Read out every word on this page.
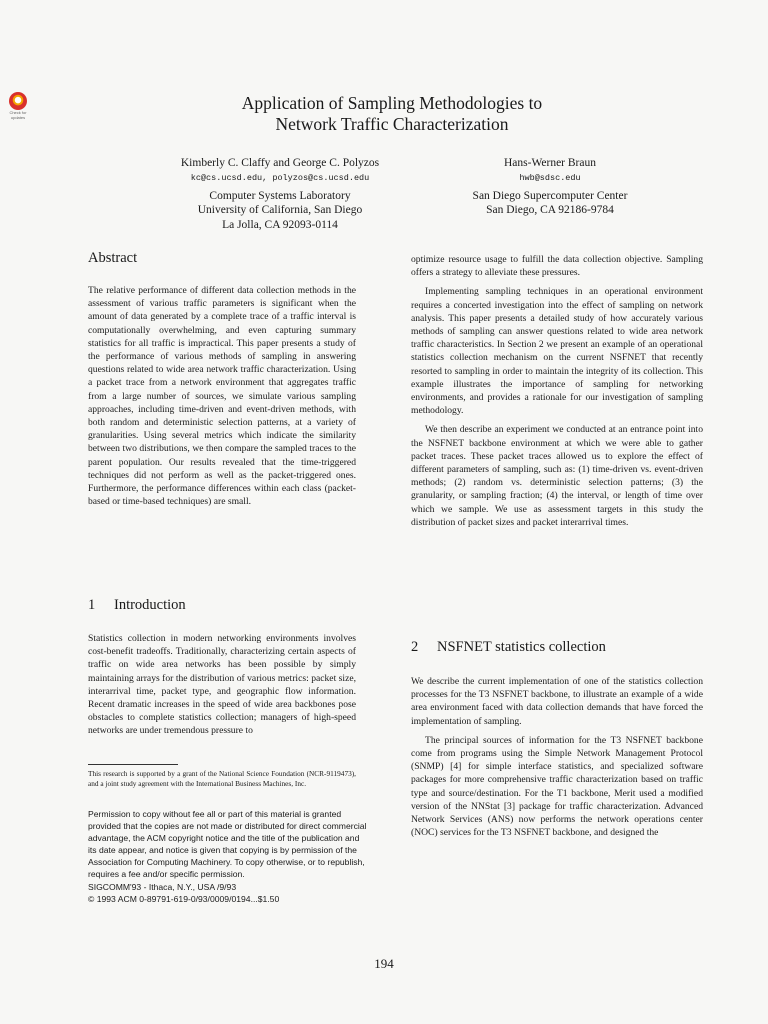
Check for updates
Application of Sampling Methodologies to
Network Traffic Characterization
Kimberly C. Claffy and George C. Polyzos
kc@cs.ucsd.edu, polyzos@cs.ucsd.edu
Computer Systems Laboratory
University of California, San Diego
La Jolla, CA 92093-0114
Hans-Werner Braun
hwb@sdsc.edu
San Diego Supercomputer Center
San Diego, CA 92186-9784
Abstract

The relative performance of different data collection methods in the assessment of various traffic parameters is significant when the amount of data generated by a complete trace of a traffic interval is computationally overwhelming, and even capturing summary statistics for all traffic is impractical. This paper presents a study of the performance of various methods of sampling in answering questions related to wide area network traffic characterization. Using a packet trace from a network environment that aggregates traffic from a large number of sources, we simulate various sampling approaches, including time-driven and event-driven methods, with both random and deterministic selection patterns, at a variety of granularities. Using several metrics which indicate the similarity between two distributions, we then compare the sampled traces to the parent population. Our results revealed that the time-triggered techniques did not perform as well as the packet-triggered ones. Furthermore, the performance differences within each class (packet-based or time-based techniques) are small.

1 Introduction

Statistics collection in modern networking environments involves cost-benefit tradeoffs. Traditionally, characterizing certain aspects of traffic on wide area networks has been possible by simply maintaining arrays for the distribution of various metrics: packet size, interarrival time, packet type, and geographic flow information. Recent dramatic increases in the speed of wide area backbones pose obstacles to complete statistics collection; managers of high-speed networks are under tremendous pressure to

This research is supported by a grant of the National Science Foundation (NCR-9119473), and a joint study agreement with the International Business Machines, Inc.
Permission to copy without fee all or part of this material is granted provided that the copies are not made or distributed for direct commercial advantage, the ACM copyright notice and the title of the publication and its date appear, and notice is given that copying is by permission of the Association for Computing Machinery. To copy otherwise, or to republish, requires a fee and/or specific permission.
SIGCOMM'93 - Ithaca, N.Y., USA /9/93
© 1993 ACM 0-89791-619-0/93/0009/0194...$1.50

optimize resource usage to fulfill the data collection objective. Sampling offers a strategy to alleviate these pressures.

Implementing sampling techniques in an operational environment requires a concerted investigation into the effect of sampling on network analysis. This paper presents a detailed study of how accurately various methods of sampling can answer questions related to wide area network traffic characteristics. In Section 2 we present an example of an operational statistics collection mechanism on the current NSFNET that recently resorted to sampling in order to maintain the integrity of its collection. This example illustrates the importance of sampling for networking environments, and provides a rationale for our investigation of sampling methodology.

We then describe an experiment we conducted at an entrance point into the NSFNET backbone environment at which we were able to gather packet traces. These packet traces allowed us to explore the effect of different parameters of sampling, such as: (1) time-driven vs. event-driven methods; (2) random vs. deterministic selection patterns; (3) the granularity, or sampling fraction; (4) the interval, or length of time over which we sample. We use as assessment targets in this study the distribution of packet sizes and packet interarrival times.

2 NSFNET statistics collection

We describe the current implementation of one of the statistics collection processes for the T3 NSFNET backbone, to illustrate an example of a wide area environment faced with data collection demands that have forced the implementation of sampling.

The principal sources of information for the T3 NSFNET backbone come from programs using the Simple Network Management Protocol (SNMP) [4] for simple interface statistics, and specialized software packages for more comprehensive traffic characterization based on traffic type and source/destination. For the T1 backbone, Merit used a modified version of the NNStat [3] package for traffic characterization. Advanced Network Services (ANS) now performs the network operations center (NOC) services for the T3 NSFNET backbone, and designed the

194
